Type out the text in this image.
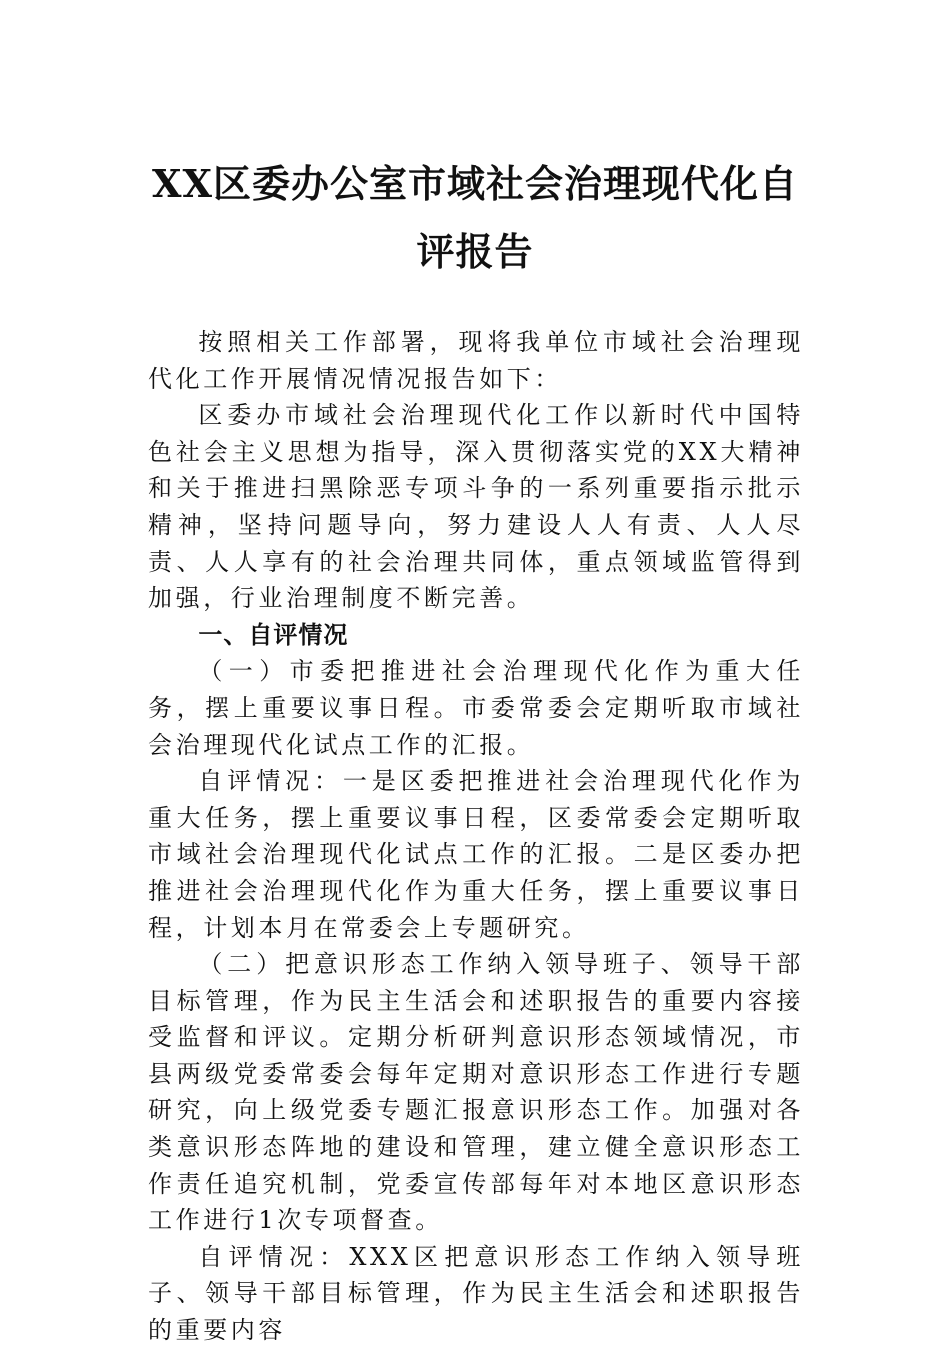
XX区委办公室市域社会治理现代化自评报告

按照相关工作部署，现将我单位市域社会治理现代化工作开展情况情况报告如下：

区委办市域社会治理现代化工作以新时代中国特色社会主义思想为指导，深入贯彻落实党的XX大精神和关于推进扫黑除恶专项斗争的一系列重要指示批示精神，坚持问题导向，努力建设人人有责、人人尽责、人人享有的社会治理共同体，重点领域监管得到加强，行业治理制度不断完善。

一、自评情况

（一）市委把推进社会治理现代化作为重大任务，摆上重要议事日程。市委常委会定期听取市域社会治理现代化试点工作的汇报。

自评情况：一是区委把推进社会治理现代化作为重大任务，摆上重要议事日程，区委常委会定期听取市域社会治理现代化试点工作的汇报。二是区委办把推进社会治理现代化作为重大任务，摆上重要议事日程，计划本月在常委会上专题研究。

（二）把意识形态工作纳入领导班子、领导干部目标管理，作为民主生活会和述职报告的重要内容接受监督和评议。定期分析研判意识形态领域情况，市县两级党委常委会每年定期对意识形态工作进行专题研究，向上级党委专题汇报意识形态工作。加强对各类意识形态阵地的建设和管理，建立健全意识形态工作责任追究机制，党委宣传部每年对本地区意识形态工作进行1次专项督查。

自评情况：XXX区把意识形态工作纳入领导班子、领导干部目标管理，作为民主生活会和述职报告的重要内容
